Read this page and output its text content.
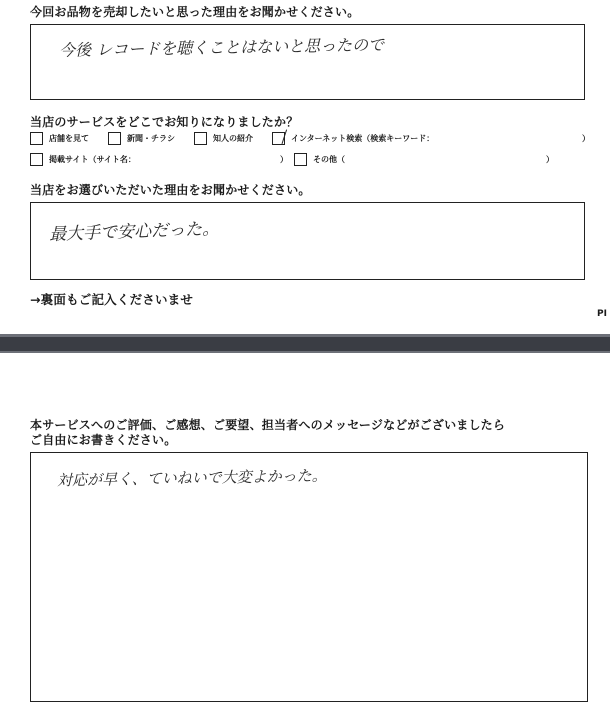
今回お品物を売却したいと思った理由をお聞かせください。
今後 レコードを聴くことはないと思ったので
当店のサービスをどこでお知りになりましたか？
店舗を見て	新聞・チラシ	知人の紹介	インターネット検索（検索キーワード：	）
掲載サイト（サイト名：	）	その他（	）
当店をお選びいただいた理由をお聞かせください。
最大手で安心だった。
→裏面もご記入くださいませ
PI
本サービスへのご評価、ご感想、ご要望、担当者へのメッセージなどがございましたら
ご自由にお書きください。
対応が早く、ていねいで大変よかった。
